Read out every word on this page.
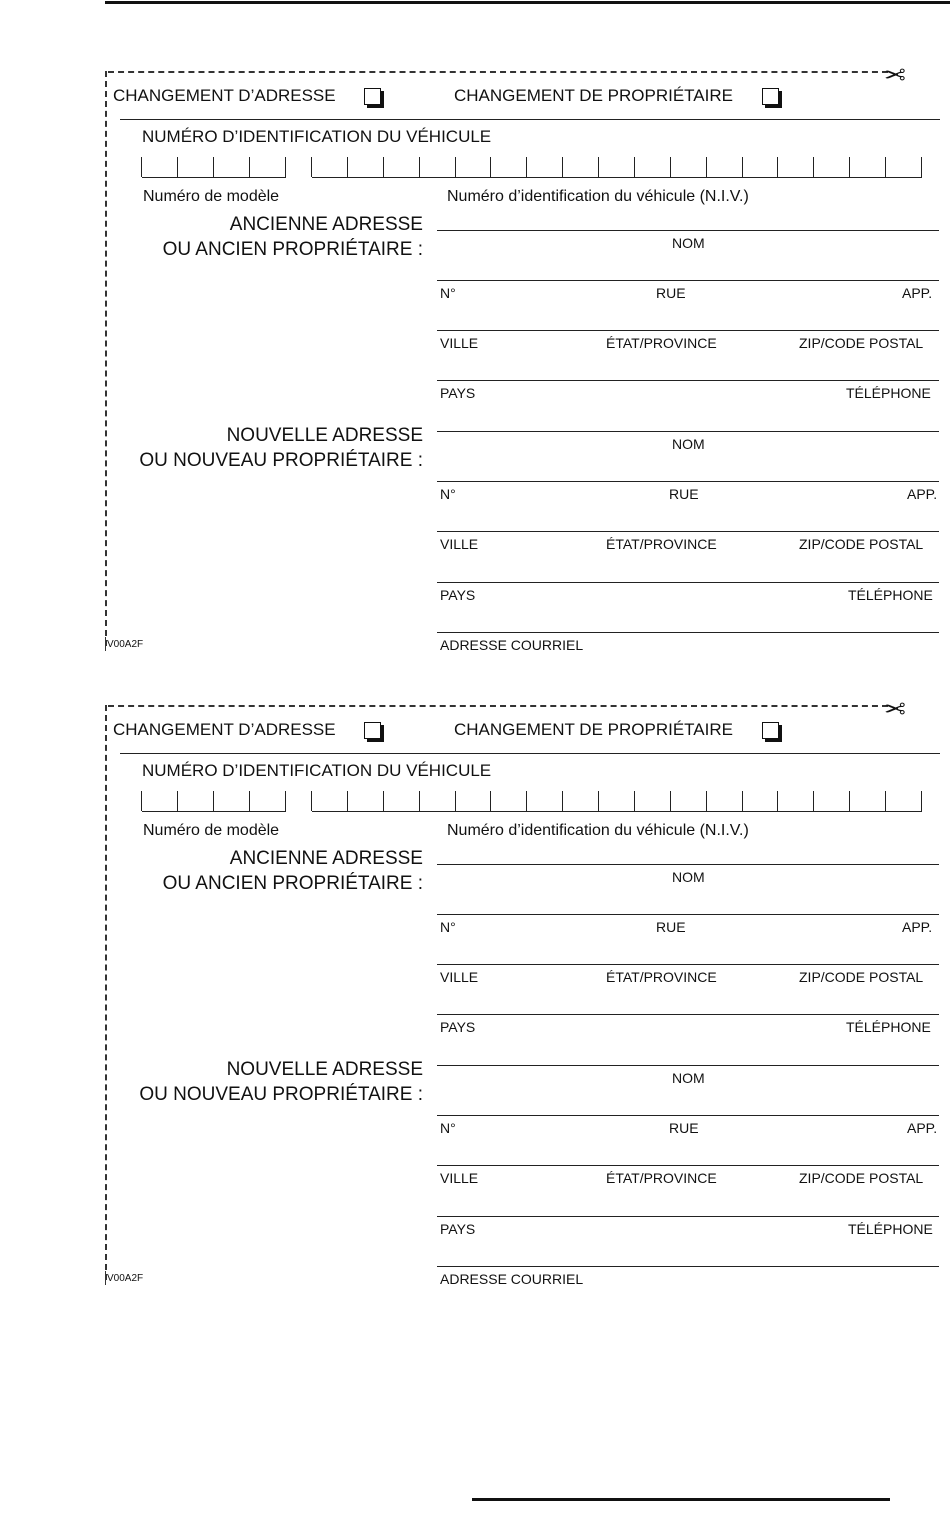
✂
CHANGEMENT D’ADRESSE	CHANGEMENT DE PROPRIÉTAIRE
NUMÉRO D’IDENTIFICATION DU VÉHICULE
Numéro de modèle	Numéro d’identification du véhicule (N.I.V.)
ANCIENNE ADRESSE
OU ANCIEN PROPRIÉTAIRE :	NOM
N°	RUE	APP.
VILLE	ÉTAT/PROVINCE	ZIP/CODE POSTAL
PAYS	TÉLÉPHONE
NOUVELLE ADRESSE
OU NOUVEAU PROPRIÉTAIRE :
NOM
N°	RUE	APP.
VILLE	ÉTAT/PROVINCE	ZIP/CODE POSTAL
PAYS	TÉLÉPHONE
ADRESSE COURRIEL
V00A2F
✂
CHANGEMENT D’ADRESSE	CHANGEMENT DE PROPRIÉTAIRE
NUMÉRO D’IDENTIFICATION DU VÉHICULE
Numéro de modèle	Numéro d’identification du véhicule (N.I.V.)
ANCIENNE ADRESSE
OU ANCIEN PROPRIÉTAIRE :	NOM
N°	RUE	APP.
VILLE	ÉTAT/PROVINCE	ZIP/CODE POSTAL
PAYS	TÉLÉPHONE
NOUVELLE ADRESSE
OU NOUVEAU PROPRIÉTAIRE :
NOM
N°	RUE	APP.
VILLE	ÉTAT/PROVINCE	ZIP/CODE POSTAL
PAYS	TÉLÉPHONE
ADRESSE COURRIEL
V00A2F
